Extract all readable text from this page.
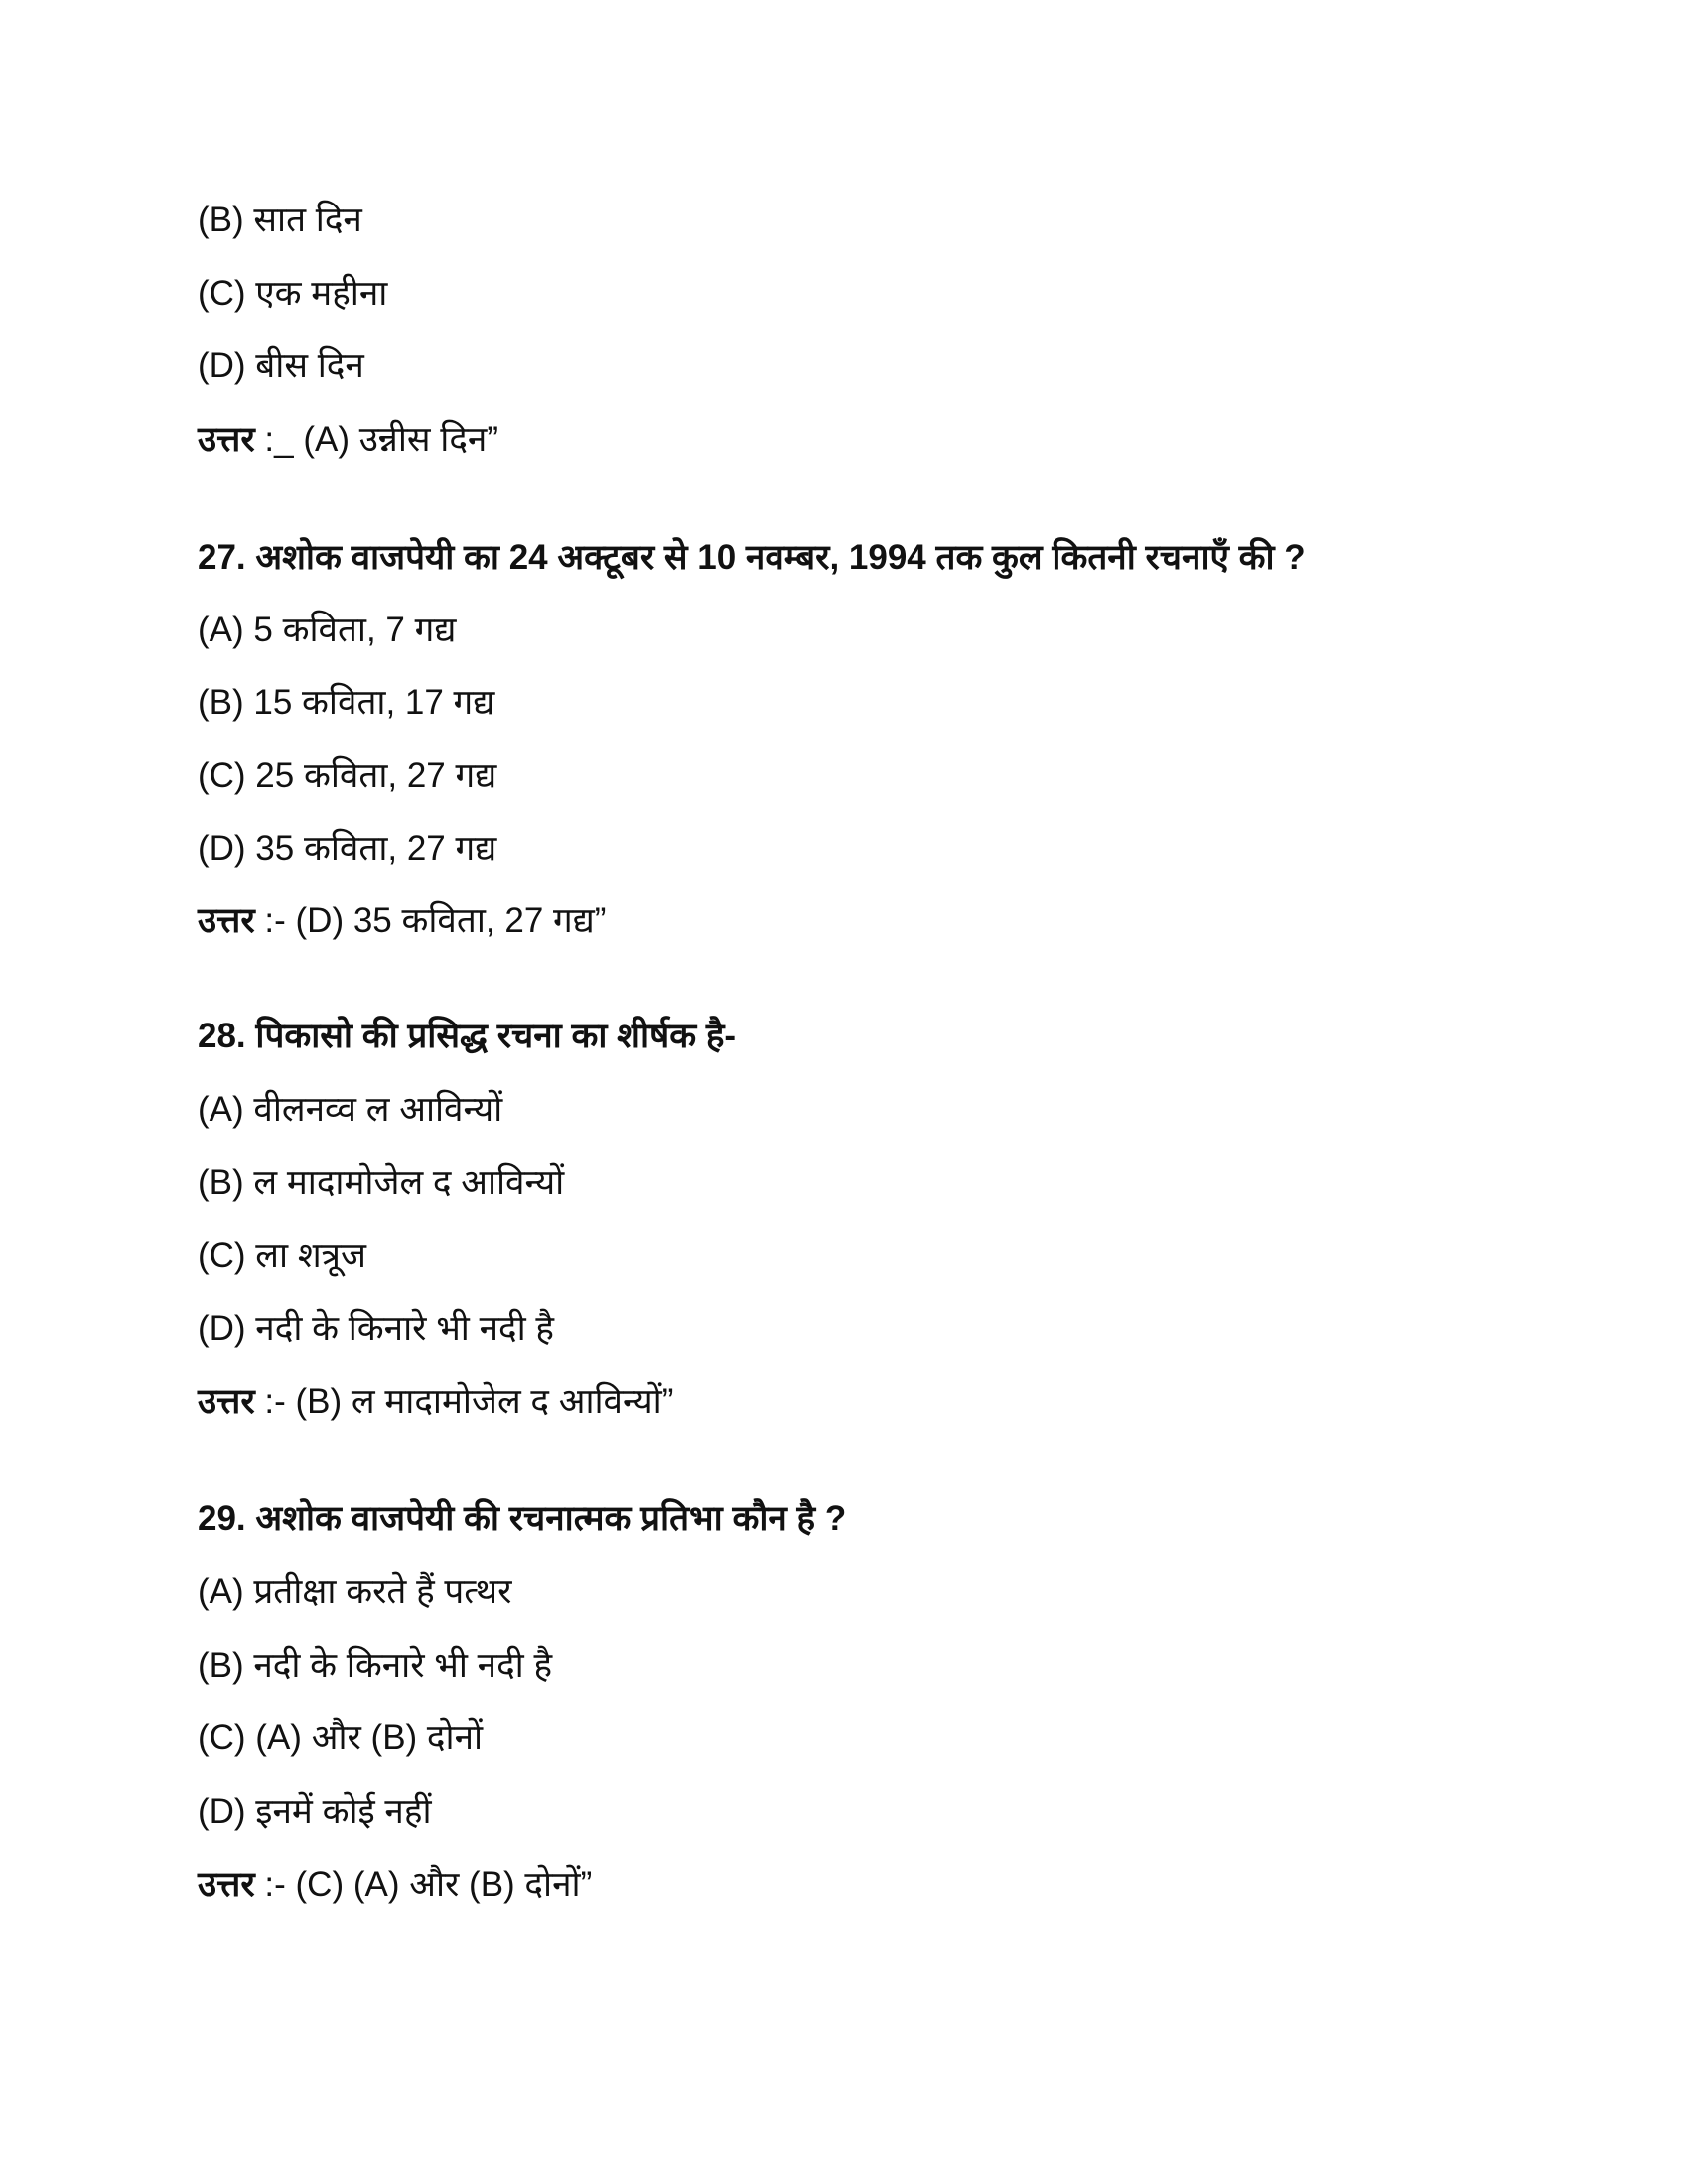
(B) सात दिन
(C) एक महीना
(D) बीस दिन
उत्तर :_ (A) उन्नीस दिन”
27. अशोक वाजपेयी का 24 अक्टूबर से 10 नवम्बर, 1994 तक कुल कितनी रचनाएँ की ?
(A) 5 कविता, 7 गद्य
(B) 15 कविता, 17 गद्य
(C) 25 कविता, 27 गद्य
(D) 35 कविता, 27 गद्य
उत्तर :- (D) 35 कविता, 27 गद्य”
28. पिकासो की प्रसिद्ध रचना का शीर्षक है-
(A) वीलनव्व ल आविन्यों
(B) ल मादामोजेल द आविन्यों
(C) ला शत्रूज
(D) नदी के किनारे भी नदी है
उत्तर :- (B) ल मादामोजेल द आविन्यों”
29. अशोक वाजपेयी की रचनात्मक प्रतिभा कौन है ?
(A) प्रतीक्षा करते हैं पत्थर
(B) नदी के किनारे भी नदी है
(C) (A) और (B) दोनों
(D) इनमें कोई नहीं
उत्तर :- (C) (A) और (B) दोनों”
